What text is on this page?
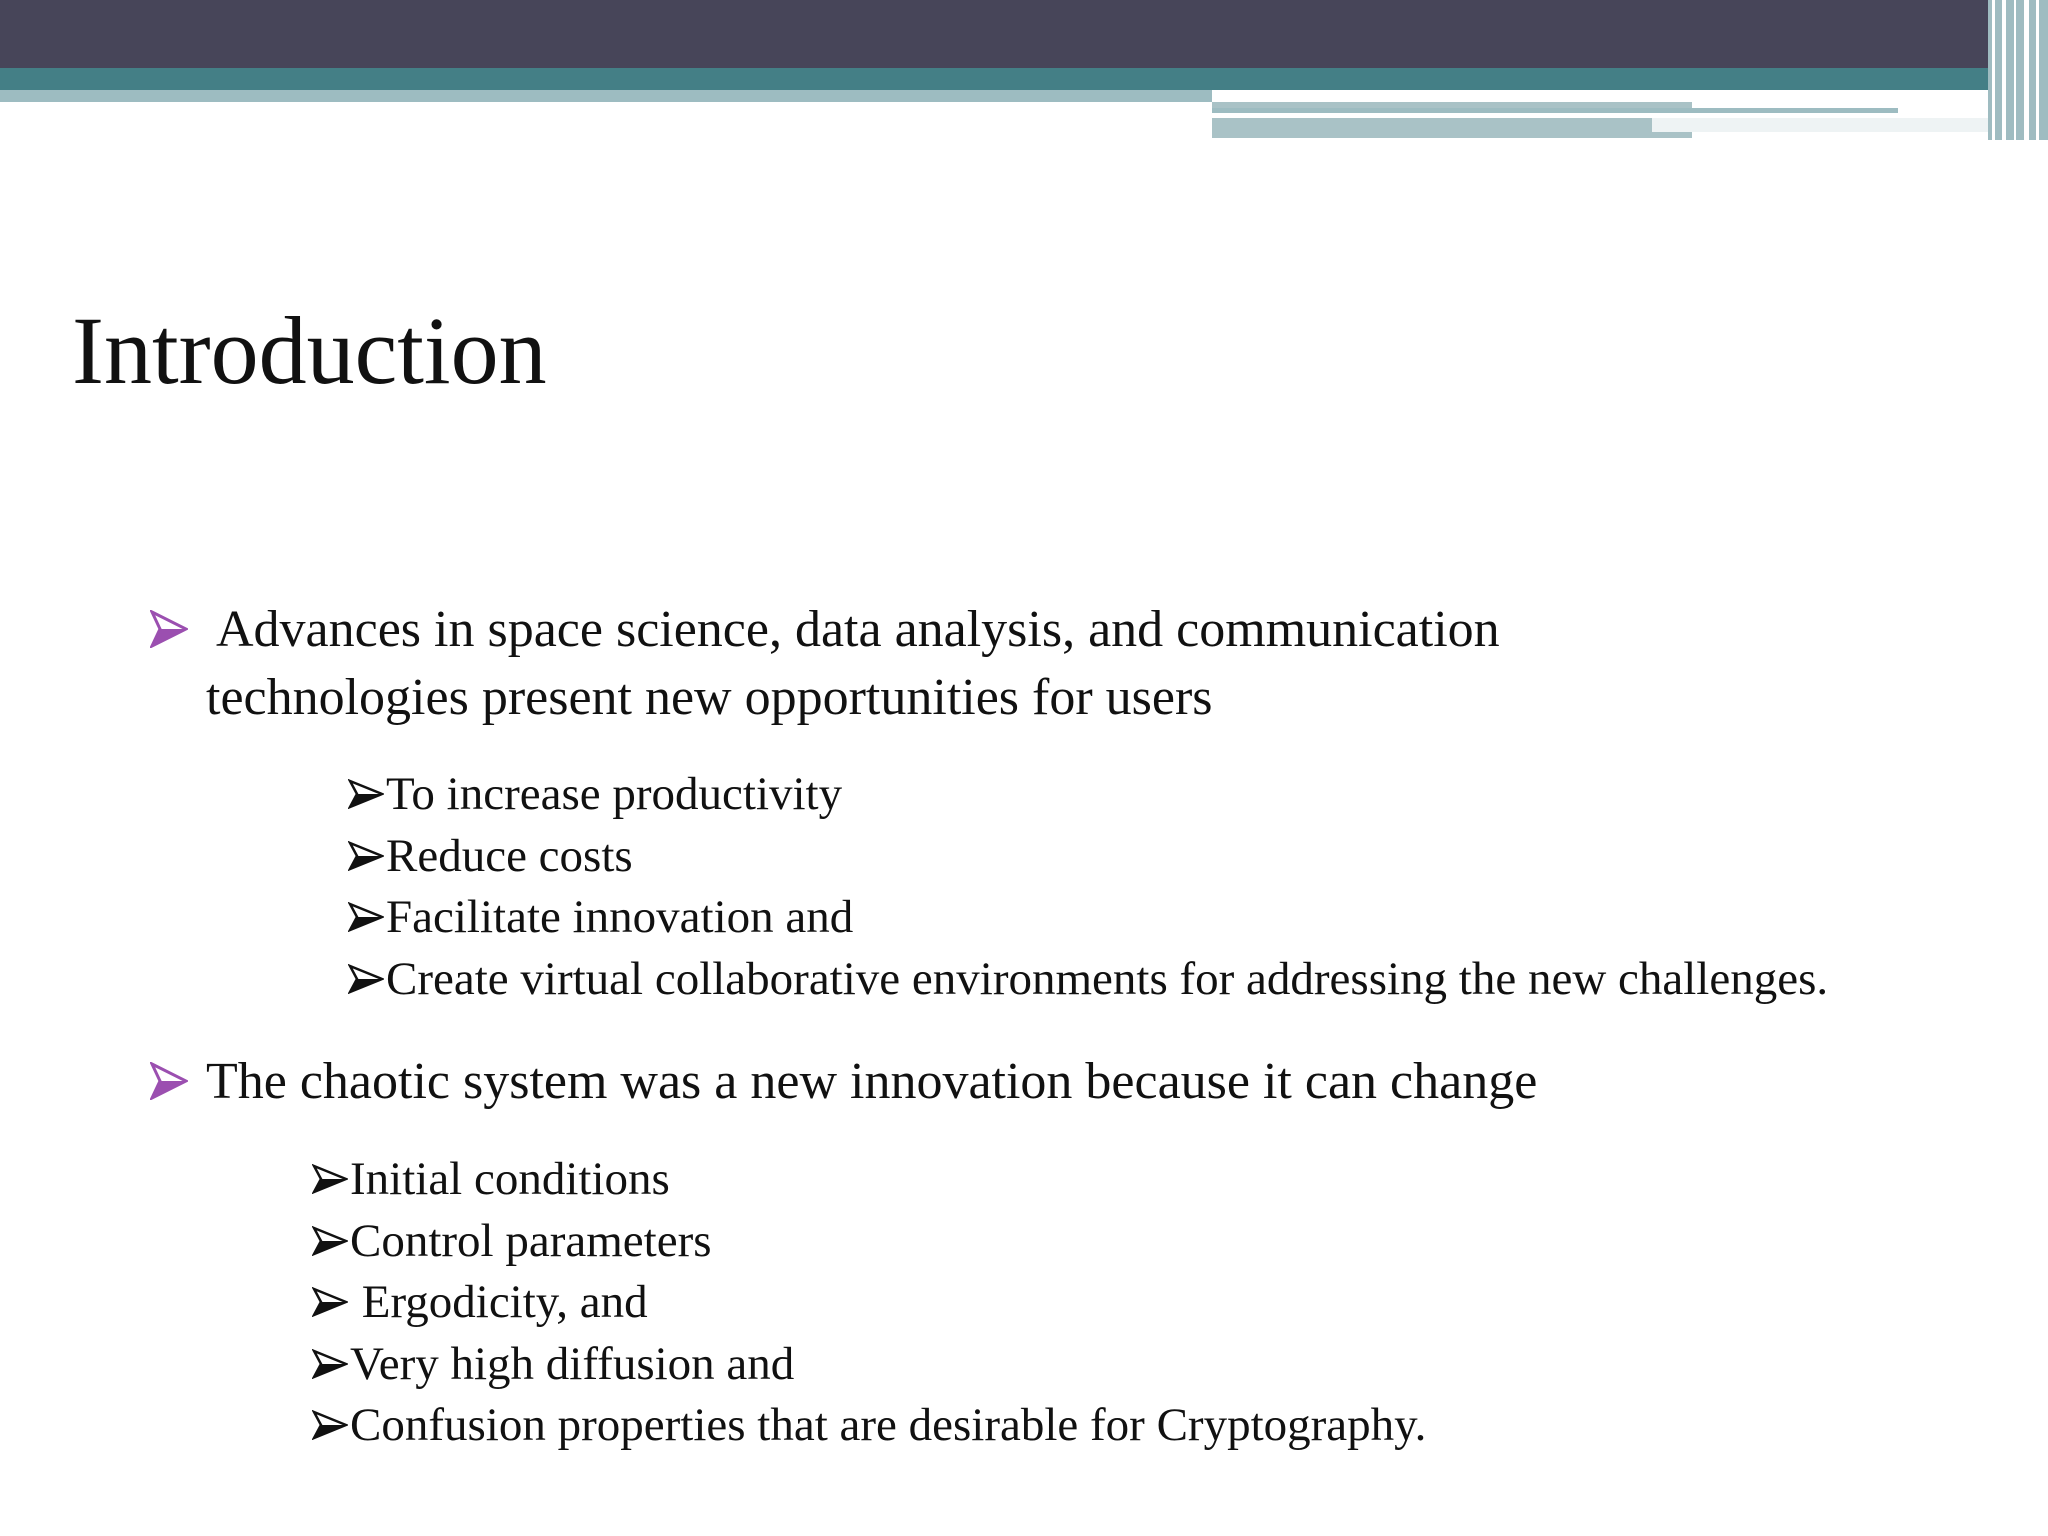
Introduction
Advances in space science, data analysis, and communication
technologies present new opportunities for users
To increase productivity
Reduce costs
Facilitate innovation and
Create virtual collaborative environments for addressing the new challenges.
The chaotic system was a new innovation because it can change
Initial conditions
Control parameters
Ergodicity, and
Very high diffusion and
Confusion properties that are desirable for Cryptography.
